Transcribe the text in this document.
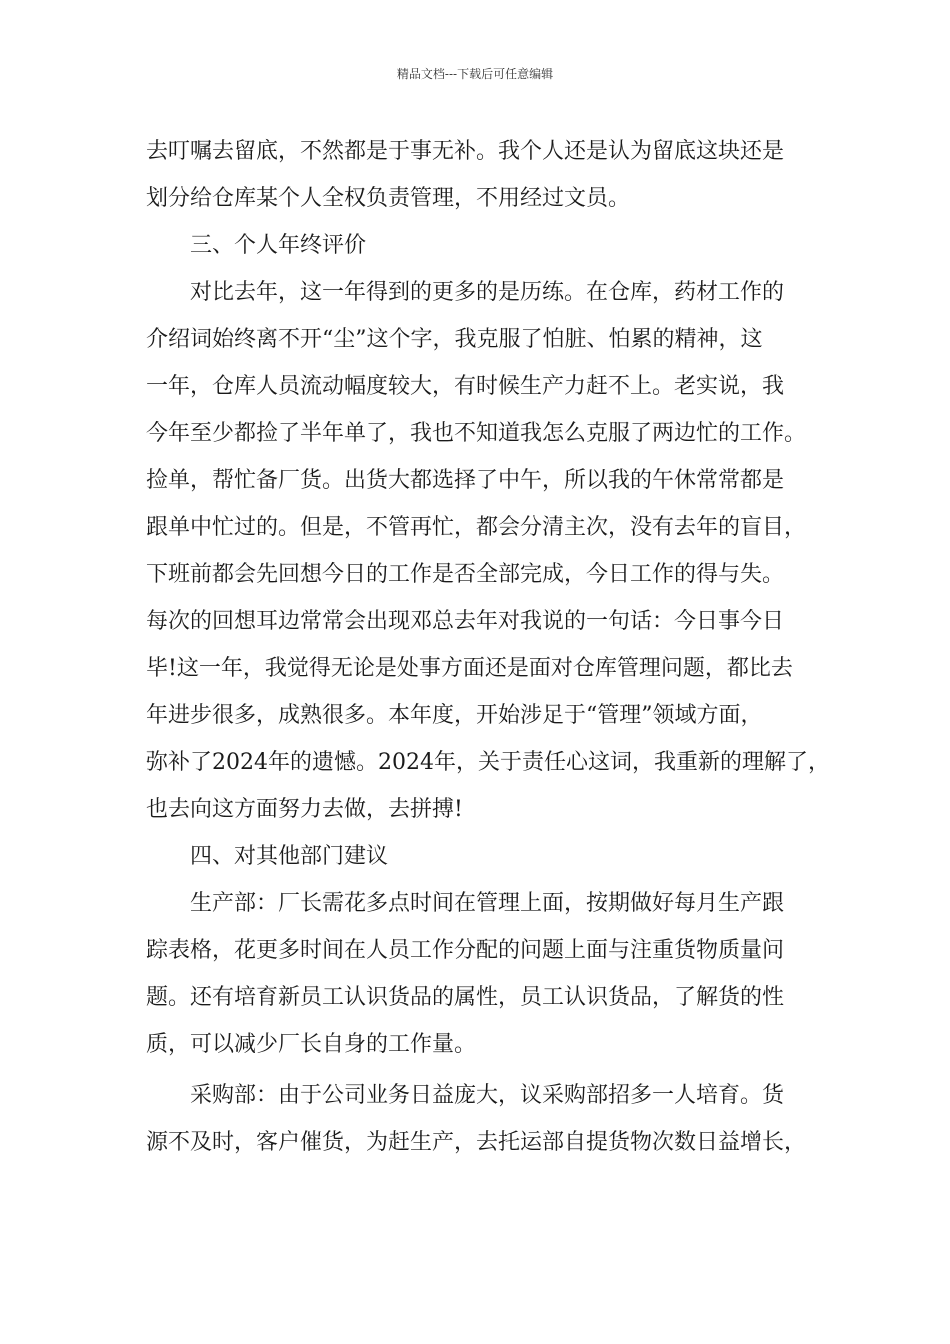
精品文档---下载后可任意编辑
去叮嘱去留底，不然都是于事无补。我个人还是认为留底这块还是
划分给仓库某个人全权负责管理，不用经过文员。
三、个人年终评价
对比去年，这一年得到的更多的是历练。在仓库，药材工作的
介绍词始终离不开“尘”这个字，我克服了怕脏、怕累的精神，这
一年，仓库人员流动幅度较大，有时候生产力赶不上。老实说，我
今年至少都捡了半年单了，我也不知道我怎么克服了两边忙的工作。
捡单，帮忙备厂货。出货大都选择了中午，所以我的午休常常都是
跟单中忙过的。但是，不管再忙，都会分清主次，没有去年的盲目，
下班前都会先回想今日的工作是否全部完成，今日工作的得与失。
每次的回想耳边常常会出现邓总去年对我说的一句话：今日事今日
毕!这一年，我觉得无论是处事方面还是面对仓库管理问题，都比去
年进步很多，成熟很多。本年度，开始涉足于“管理”领域方面，
弥补了2024年的遗憾。2024年，关于责任心这词，我重新的理解了，
也去向这方面努力去做，去拼搏!
四、对其他部门建议
生产部：厂长需花多点时间在管理上面，按期做好每月生产跟
踪表格，花更多时间在人员工作分配的问题上面与注重货物质量问
题。还有培育新员工认识货品的属性，员工认识货品，了解货的性
质，可以减少厂长自身的工作量。
采购部：由于公司业务日益庞大，议采购部招多一人培育。货
源不及时，客户催货，为赶生产，去托运部自提货物次数日益增长，
